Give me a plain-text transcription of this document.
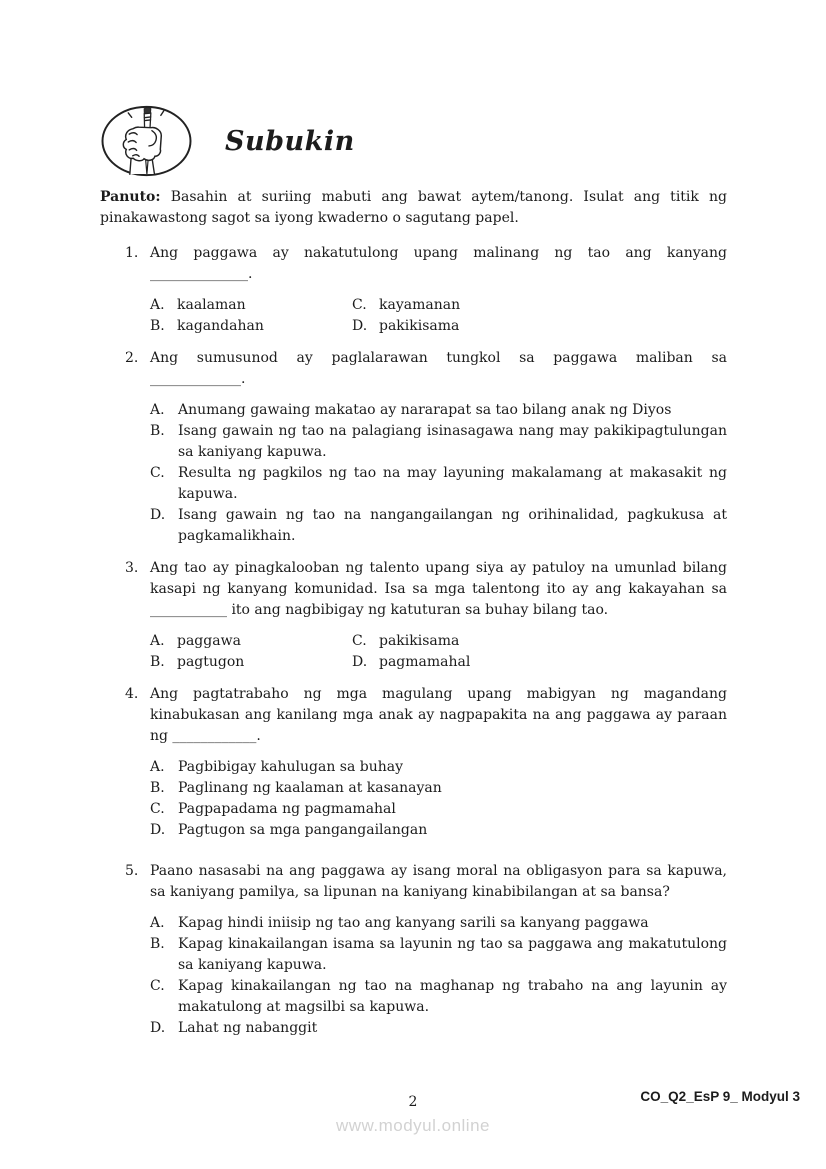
Subukin

Panuto: Basahin at suriing mabuti ang bawat aytem/tanong. Isulat ang titik ng pinakawastong sagot sa iyong kwaderno o sagutang papel.

1. Ang paggawa ay nakatutulong upang malinang ng tao ang kanyang

______________.

A. kaalaman
B. kagandahan
C. kayamanan
D. pakikisama
2. Ang sumusunod ay paglalarawan tungkol sa paggawa maliban sa

_____________.

A. Anumang gawaing makatao ay nararapat sa tao bilang anak ng Diyos
B. Isang gawain ng tao na palagiang isinasagawa nang may pakikipagtulungan sa kaniyang kapuwa.
C. Resulta ng pagkilos ng tao na may layuning makalamang at makasakit ng kapuwa.
D. Isang gawain ng tao na nangangailangan ng orihinalidad, pagkukusa at pagkamalikhain.
3. Ang tao ay pinagkalooban ng talento upang siya ay patuloy na umunlad bilang kasapi ng kanyang komunidad. Isa sa mga talentong ito ay ang kakayahan sa ___________ ito ang nagbibigay ng katuturan sa buhay bilang tao.

A. paggawa
B. pagtugon
C. pakikisama
D. pagmamahal
4. Ang pagtatrabaho ng mga magulang upang mabigyan ng magandang kinabukasan ang kanilang mga anak ay nagpapakita na ang paggawa ay paraan ng ____________.

A. Pagbibigay kahulugan sa buhay
B. Paglinang ng kaalaman at kasanayan
C. Pagpapadama ng pagmamahal
D. Pagtugon sa mga pangangailangan
5. Paano nasasabi na ang paggawa ay isang moral na obligasyon para sa kapuwa, sa kaniyang pamilya, sa lipunan na kaniyang kinabibilangan at sa bansa?

A. Kapag hindi iniisip ng tao ang kanyang sarili sa kanyang paggawa
B. Kapag kinakailangan isama sa layunin ng tao sa paggawa ang makatutulong sa kaniyang kapuwa.
C. Kapag kinakailangan ng tao na maghanap ng trabaho na ang layunin ay makatulong at magsilbi sa kapuwa.
D. Lahat ng nabanggit
2	CO_Q2_EsP 9_ Modyul 3
www.modyul.online
